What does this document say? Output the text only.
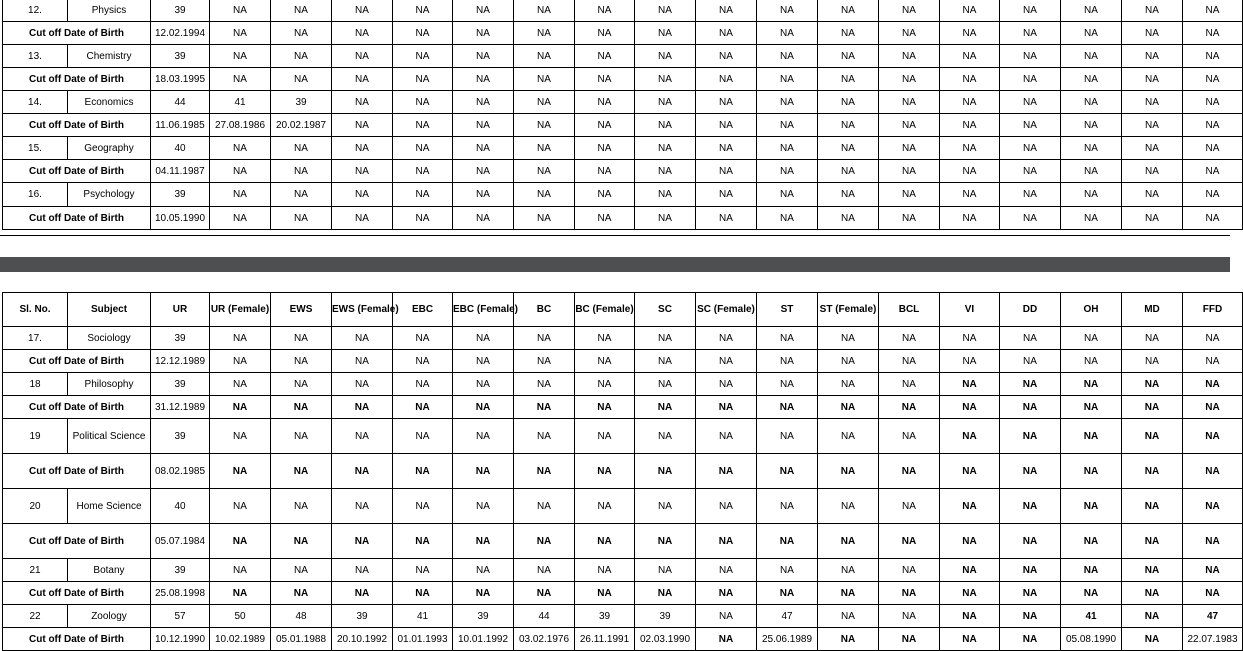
12.	Physics	39	NA	NA	NA	NA	NA	NA	NA	NA	NA	NA	NA	NA	NA	NA	NA	NA	NA
Cut off Date of Birth		12.02.1994	NA	NA	NA	NA	NA	NA	NA	NA	NA	NA	NA	NA	NA	NA	NA	NA	NA
13.	Chemistry	39	NA	NA	NA	NA	NA	NA	NA	NA	NA	NA	NA	NA	NA	NA	NA	NA	NA
Cut off Date of Birth		18.03.1995	NA	NA	NA	NA	NA	NA	NA	NA	NA	NA	NA	NA	NA	NA	NA	NA	NA
14.	Economics	44	41	39	NA	NA	NA	NA	NA	NA	NA	NA	NA	NA	NA	NA	NA	NA	NA
Cut off Date of Birth		11.06.1985	27.08.1986	20.02.1987	NA	NA	NA	NA	NA	NA	NA	NA	NA	NA	NA	NA	NA	NA	NA
15.	Geography	40	NA	NA	NA	NA	NA	NA	NA	NA	NA	NA	NA	NA	NA	NA	NA	NA	NA
Cut off Date of Birth		04.11.1987	NA	NA	NA	NA	NA	NA	NA	NA	NA	NA	NA	NA	NA	NA	NA	NA	NA
16.	Psychology	39	NA	NA	NA	NA	NA	NA	NA	NA	NA	NA	NA	NA	NA	NA	NA	NA	NA
Cut off Date of Birth		10.05.1990	NA	NA	NA	NA	NA	NA	NA	NA	NA	NA	NA	NA	NA	NA	NA	NA	NA
Sl. No.	Subject	UR	UR (Female)	EWS	EWS (Female)	EBC	EBC (Female)	BC	BC (Female)	SC	SC (Female)	ST	ST (Female)	BCL	VI	DD	OH	MD	FFD
17.	Sociology	39	NA	NA	NA	NA	NA	NA	NA	NA	NA	NA	NA	NA	NA	NA	NA	NA	NA
Cut off Date of Birth		12.12.1989	NA	NA	NA	NA	NA	NA	NA	NA	NA	NA	NA	NA	NA	NA	NA	NA	NA
18	Philosophy	39	NA	NA	NA	NA	NA	NA	NA	NA	NA	NA	NA	NA	NA	NA	NA	NA	NA
Cut off Date of Birth		31.12.1989	NA	NA	NA	NA	NA	NA	NA	NA	NA	NA	NA	NA	NA	NA	NA	NA	NA
19	Political Science	39	NA	NA	NA	NA	NA	NA	NA	NA	NA	NA	NA	NA	NA	NA	NA	NA	NA
Cut off Date of Birth		08.02.1985	NA	NA	NA	NA	NA	NA	NA	NA	NA	NA	NA	NA	NA	NA	NA	NA	NA
20	Home Science	40	NA	NA	NA	NA	NA	NA	NA	NA	NA	NA	NA	NA	NA	NA	NA	NA	NA
Cut off Date of Birth		05.07.1984	NA	NA	NA	NA	NA	NA	NA	NA	NA	NA	NA	NA	NA	NA	NA	NA	NA
21	Botany	39	NA	NA	NA	NA	NA	NA	NA	NA	NA	NA	NA	NA	NA	NA	NA	NA	NA
Cut off Date of Birth		25.08.1998	NA	NA	NA	NA	NA	NA	NA	NA	NA	NA	NA	NA	NA	NA	NA	NA	NA
22	Zoology	57	50	48	39	41	39	44	39	39	NA	47	NA	NA	NA	NA	41	NA	47
Cut off Date of Birth		10.12.1990	10.02.1989	05.01.1988	20.10.1992	01.01.1993	10.01.1992	03.02.1976	26.11.1991	02.03.1990	NA	25.06.1989	NA	NA	NA	NA	05.08.1990	NA	22.07.1983
